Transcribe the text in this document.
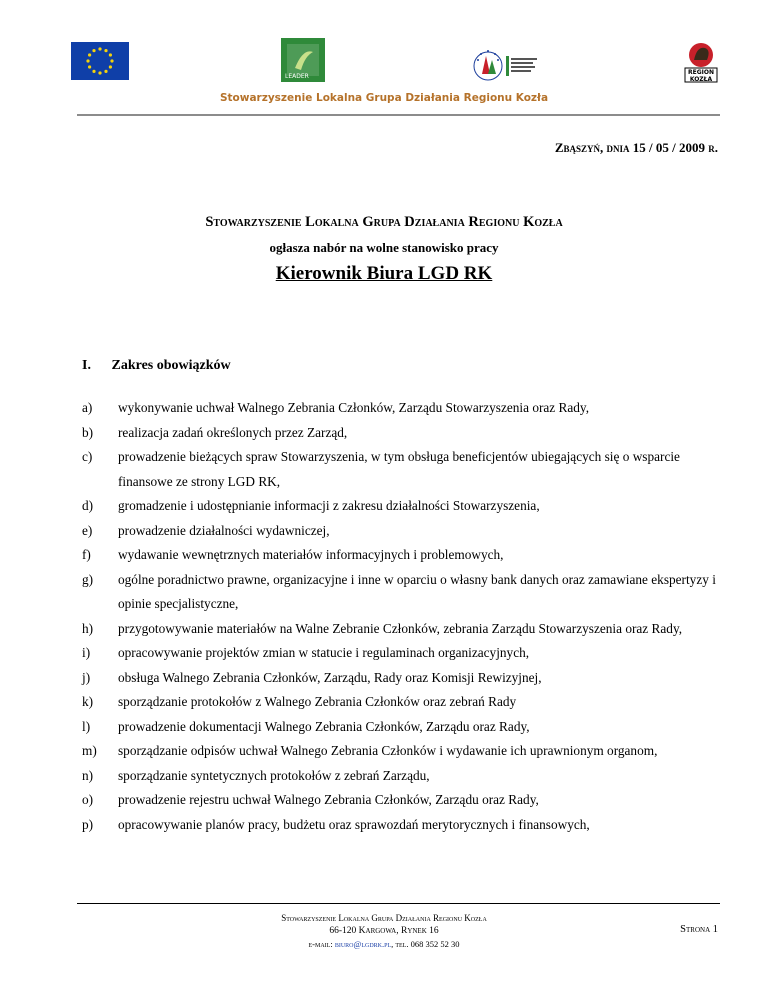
LEADER
REGION
KOZŁA
Stowarzyszenie Lokalna Grupa Działania Regionu Kozła
Zbąszyń, dnia 15 / 05 / 2009 r.
Stowarzyszenie Lokalna Grupa Działania Regionu Kozła
ogłasza nabór na wolne stanowisko pracy
Kierownik Biura LGD RK
I. Zakres obowiązków
a)	wykonywanie uchwał Walnego Zebrania Członków, Zarządu Stowarzyszenia oraz Rady,
b)	realizacja zadań określonych przez Zarząd,
c)	prowadzenie bieżących spraw Stowarzyszenia, w tym obsługa beneficjentów ubiegających się o wsparcie finansowe ze strony LGD RK,
d)	gromadzenie i udostępnianie informacji z zakresu działalności Stowarzyszenia,
e)	prowadzenie działalności wydawniczej,
f)	wydawanie wewnętrznych materiałów informacyjnych i problemowych,
g)	ogólne poradnictwo prawne, organizacyjne i inne w oparciu o własny bank danych oraz zamawiane ekspertyzy i opinie specjalistyczne,
h)	przygotowywanie materiałów na Walne Zebranie Członków, zebrania Zarządu Stowarzyszenia oraz Rady,
i)	opracowywanie projektów zmian w statucie i regulaminach organizacyjnych,
j)	obsługa Walnego Zebrania Członków, Zarządu, Rady oraz Komisji Rewizyjnej,
k)	sporządzanie protokołów z Walnego Zebrania Członków oraz zebrań Rady
l)	prowadzenie dokumentacji Walnego Zebrania Członków, Zarządu oraz Rady,
m)	sporządzanie odpisów uchwał Walnego Zebrania Członków i wydawanie ich uprawnionym organom,
n)	sporządzanie syntetycznych protokołów z zebrań Zarządu,
o)	prowadzenie rejestru uchwał Walnego Zebrania Członków, Zarządu oraz Rady,
p)	opracowywanie planów pracy, budżetu oraz sprawozdań merytorycznych i finansowych,
Stowarzyszenie Lokalna Grupa Działania Regionu Kozła
66-120 Kargowa, Rynek 16
e-mail: biuro@lgdrk.pl, tel. 068 352 52 30
Strona 1
